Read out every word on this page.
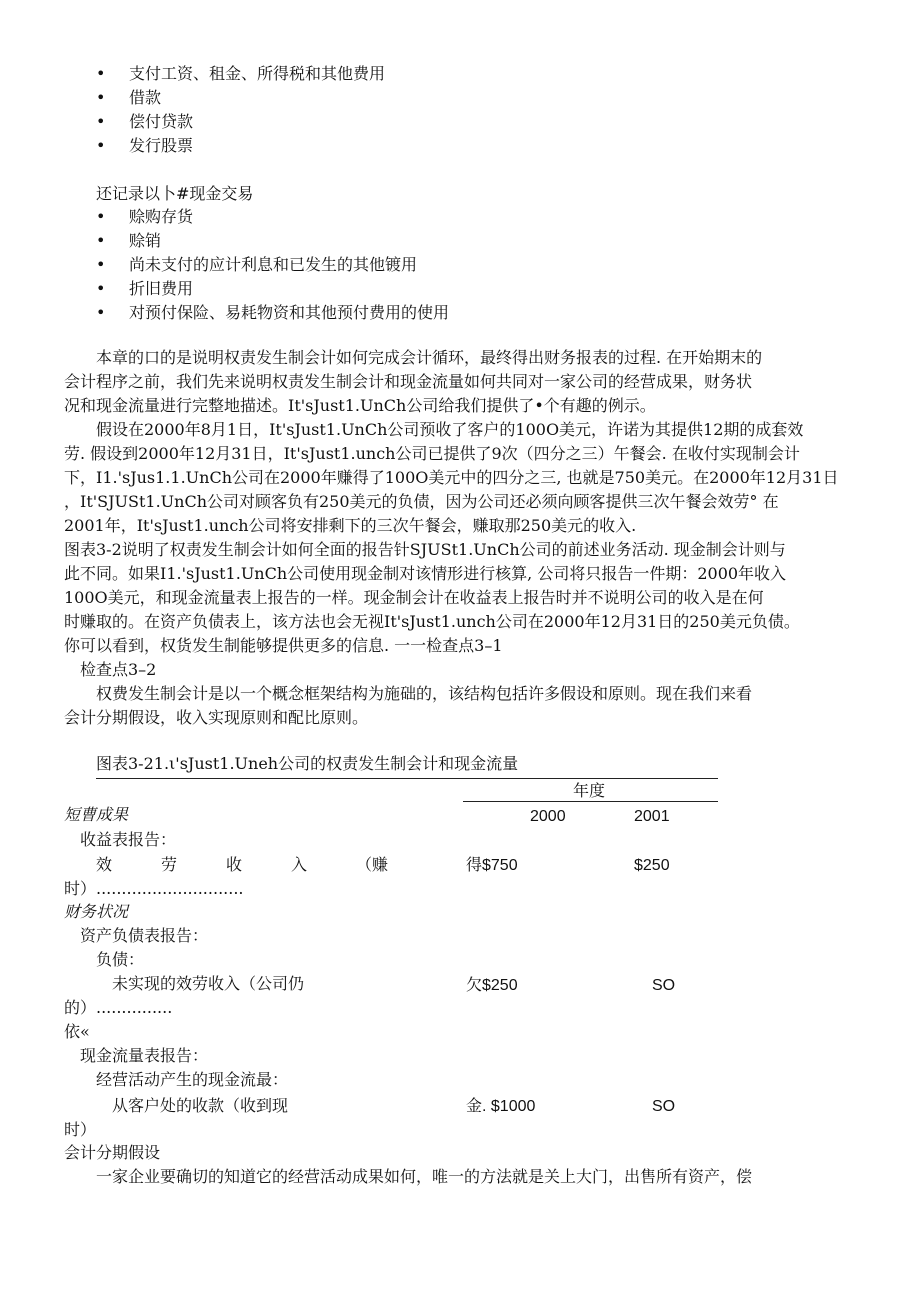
• 支付工资、租金、所得税和其他费用
• 借款
• 偿付贷款
• 发行股票
还记录以卜#现金交易
• 赊购存货
• 赊销
• 尚未支付的应计利息和已发生的其他镀用
• 折旧费用
• 对预付保险、易耗物资和其他预付费用的使用
本章的口的是说明权责发生制会计如何完成会计循环，最终得出财务报表的过程. 在开始期末的
会计程序之前，我们先来说明权责发生制会计和现金流量如何共同对一家公司的经营成果，财务状
况和现金流量进行完整地描述。It'sJust1.UnCh公司给我们提供了•个有趣的例示。
假设在2000年8月1日，It'sJust1.UnCh公司预收了客户的100O美元，许诺为其提供12期的成套效
劳. 假设到2000年12月31日，It'sJust1.unch公司已提供了9次（四分之三）午餐会. 在收付实现制会计
下，I1.'sJus1.1.UnCh公司在2000年赚得了100O美元中的四分之三, 也就是750美元。在2000年12月31日
，It'SJUSt1.UnCh公司对顾客负有250美元的负债，因为公司还必须向顾客提供三次午餐会效劳° 在
2001年，It'sJust1.unch公司将安排剩下的三次午餐会，赚取那250美元的收入.
图表3-2说明了权责发生制会计如何全面的报告针SJUSt1.UnCh公司的前述业务活动. 现金制会计则与
此不同。如果I1.'sJust1.UnCh公司使用现金制对该情形进行核算, 公司将只报告一件期：2000年收入
100O美元，和现金流量表上报告的一样。现金制会计在收益表上报告时并不说明公司的收入是在何
时赚取的。在资产负债表上，该方法也会无视It'sJust1.unch公司在2000年12月31日的250美元负债。
你可以看到，权货发生制能够提供更多的信息. 一一检查点3–1
检查点3–2
权费发生制会计是以一个概念框架结构为施础的，该结构包括许多假设和原则。现在我们来看
会计分期假设，收入实现原则和配比原则。
图表3-21.ι'sJust1.Uneh公司的权责发生制会计和现金流量
年度
短曹成果	2000	2001
收益表报告：
效	劳	收	入	（赚	得$750	$250
时）.............................
财务状况
资产负债表报告：
负债：
未实现的效劳收入（公司仍	欠$250	SO
的）...............
依«
现金流量表报告：
经营活动产生的现金流最：
从客户处的收款（收到现	金. $1000	SO
时）
会计分期假设
一家企业要确切的知道它的经营活动成果如何，唯一的方法就是关上大门，出售所有资产，偿
